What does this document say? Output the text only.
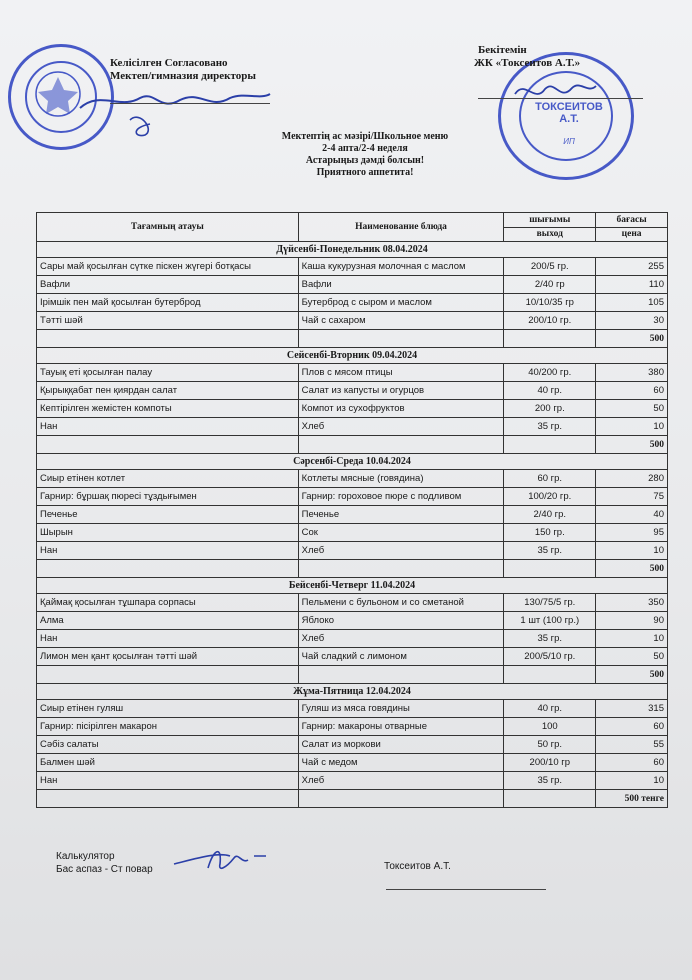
ТОКСЕИТОВ А.Т.
ИП
Келісілген Согласовано
Мектеп/гимназия директоры
Бекітемін
ЖК «Токсеитов А.Т.»
Мектептің ас мәзірі/Школьное меню
2-4 апта/2-4 неделя
Астарыңыз дәмді болсын!
Приятного аппетита!
Тағамның атауы	Наименование блюда	шығымы	бағасы
		выход	цена
Дүйсенбі-Понедельник 08.04.2024			
Сары май қосылған сүтке піскен жүгері ботқасы	Каша кукурузная молочная с маслом	200/5 гр.	255
Вафли	Вафли	2/40 гр	110
Ірімшік пен май қосылған бутерброд	Бутерброд с сыром и маслом	10/10/35 гр	105
Тәтті шәй	Чай с сахаром	200/10 гр.	30
			500
Сейсенбі-Вторник 09.04.2024			
Тауық еті қосылған палау	Плов с мясом птицы	40/200 гр.	380
Қырыққабат пен қиярдан салат	Салат из капусты и огурцов	40 гр.	60
Кептірілген жемістен компоты	Компот из сухофруктов	200 гр.	50
Нан	Хлеб	35 гр.	10
			500
Сәрсенбі-Среда 10.04.2024			
Сиыр етінен котлет	Котлеты мясные (говядина)	60 гр.	280
Гарнир: бұршақ пюресі тұздығымен	Гарнир: гороховое пюре с подливом	100/20 гр.	75
Печенье	Печенье	2/40 гр.	40
Шырын	Сок	150 гр.	95
Нан	Хлеб	35 гр.	10
			500
Бейсенбі-Четверг 11.04.2024			
Қаймақ қосылған тұшпара сорпасы	Пельмени с бульоном и со сметаной	130/75/5 гр.	350
Алма	Яблоко	1 шт (100 гр.)	90
Нан	Хлеб	35 гр.	10
Лимон мен қант қосылған тәтті шәй	Чай сладкий с лимоном	200/5/10 гр.	50
			500
Жұма-Пятница 12.04.2024			
Сиыр етінен гуляш	Гуляш из мяса говядины	40 гр.	315
Гарнир: пісірілген макарон	Гарнир: макароны отварные	100	60
Сәбіз салаты	Салат из моркови	50 гр.	55
Балмен шәй	Чай с медом	200/10 гр	60
Нан	Хлеб	35 гр.	10
			500 тенге
Калькулятор
Бас аспаз - Ст повар	Токсеитов А.Т.
